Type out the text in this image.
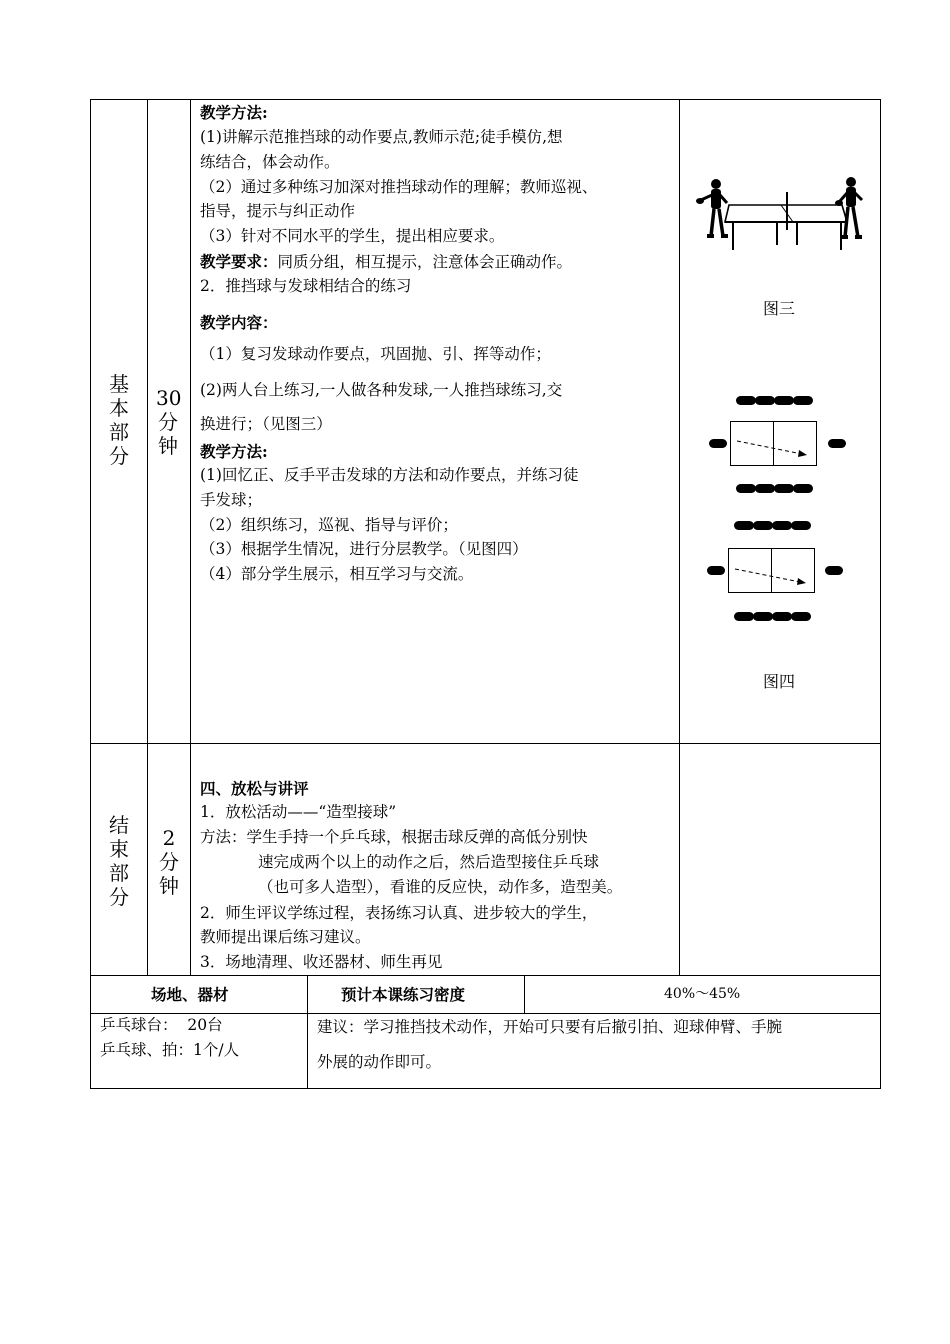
基本部分
30分钟
教学方法:
(1)讲解示范推挡球的动作要点,教师示范;徒手模仿,想
练结合，体会动作。
（2）通过多种练习加深对推挡球动作的理解；教师巡视、
指导，提示与纠正动作
（3）针对不同水平的学生，提出相应要求。
教学要求：同质分组，相互提示，注意体会正确动作。
2．推挡球与发球相结合的练习
教学内容：
（1）复习发球动作要点，巩固抛、引、挥等动作；
(2)两人台上练习,一人做各种发球,一人推挡球练习,交
换进行；（见图三）
教学方法:
(1)回忆正、反手平击发球的方法和动作要点，并练习徒
手发球；
（2）组织练习，巡视、指导与评价；
（3）根据学生情况，进行分层教学。（见图四）
（4）部分学生展示，相互学习与交流。
图三
图四
结束部分
2分钟
四、放松与讲评
1．放松活动——“造型接球”
方法：学生手持一个乒乓球，根据击球反弹的高低分别快
速完成两个以上的动作之后，然后造型接住乒乓球
（也可多人造型），看谁的反应快，动作多，造型美。
2．师生评议学练过程，表扬练习认真、进步较大的学生，
教师提出课后练习建议。
3．场地清理、收还器材、师生再见
场地、器材	预计本课练习密度	40%～45%
乒乓球台：  20台
乒乓球、拍：1个/人
建议：学习推挡技术动作，开始可只要有后撤引拍、迎球伸臂、手腕
外展的动作即可。
